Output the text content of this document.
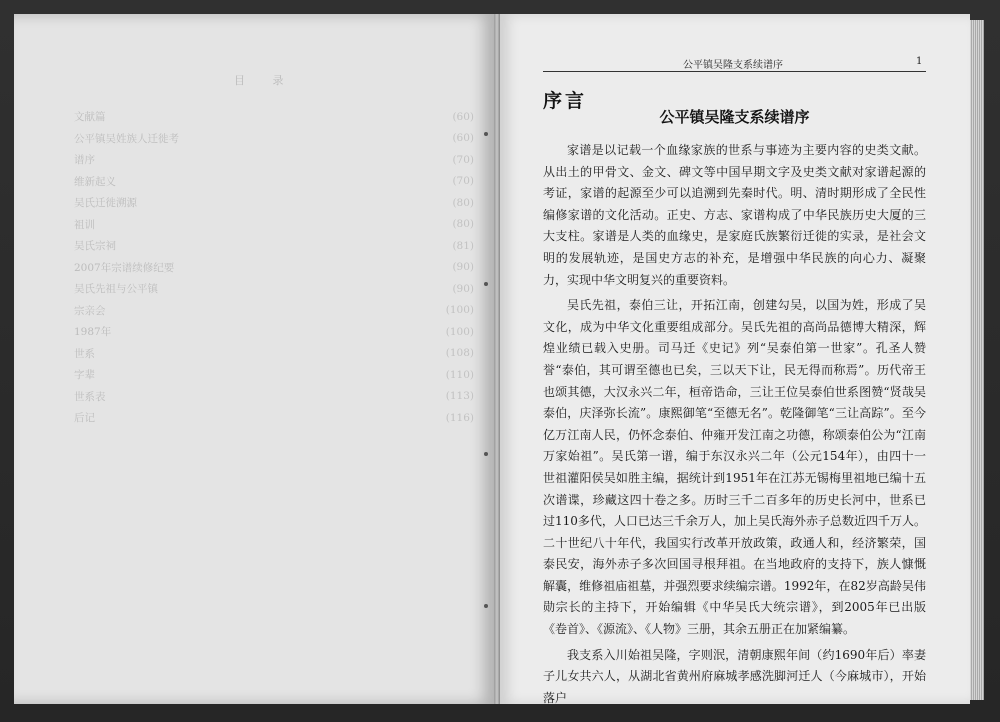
目 录
文献篇	(60)
公平镇吴姓族人迁徙考	(60)
谱序	(70)
维新起义	(70)
吴氏迁徙溯源	(80)
祖训	(80)
吴氏宗祠	(81)
2007年宗谱续修纪要	(90)
吴氏先祖与公平镇	(90)
宗亲会	(100)
1987年	(100)
世系	(108)
字辈	(110)
世系表	(113)
后记	(116)
公平镇吴隆支系续谱序	1
序言
公平镇吴隆支系续谱序

家谱是以记载一个血缘家族的世系与事迹为主要内容的史类文献。从出土的甲骨文、金文、碑文等中国早期文字及史类文献对家谱起源的考证，家谱的起源至少可以追溯到先秦时代。明、清时期形成了全民性编修家谱的文化活动。正史、方志、家谱构成了中华民族历史大厦的三大支柱。家谱是人类的血缘史，是家庭氏族繁衍迁徙的实录，是社会文明的发展轨迹，是国史方志的补充，是增强中华民族的向心力、凝聚力，实现中华文明复兴的重要资料。

吴氏先祖，泰伯三让，开拓江南，创建勾吴，以国为姓，形成了吴文化，成为中华文化重要组成部分。吴氏先祖的高尚品德博大精深，辉煌业绩已载入史册。司马迁《史记》列“吴泰伯第一世家”。孔圣人赞誉“泰伯，其可谓至德也已矣，三以天下让，民无得而称焉”。历代帝王也颂其德，大汉永兴二年，桓帝诰命，三让王位吴泰伯世系图赞“贤哉吴泰伯，庆泽弥长流”。康熙御笔“至德无名”。乾隆御笔“三让高踪”。至今亿万江南人民，仍怀念泰伯、仲雍开发江南之功德，称颂泰伯公为“江南万家始祖”。吴氏第一谱，编于东汉永兴二年（公元154年），由四十一世祖灌阳侯吴如胜主编，据统计到1951年在江苏无锡梅里祖地已编十五次谱谍，珍藏这四十卷之多。历时三千二百多年的历史长河中，世系已过110多代，人口已达三千余万人，加上吴氏海外赤子总数近四千万人。二十世纪八十年代，我国实行改革开放政策，政通人和，经济繁荣，国泰民安，海外赤子多次回国寻根拜祖。在当地政府的支持下，族人慷慨解囊，维修祖庙祖墓，并强烈要求续编宗谱。1992年，在82岁高龄吴伟勋宗长的主持下，开始编辑《中华吴氏大统宗谱》，到2005年已出版《卷首》、《源流》、《人物》三册，其余五册正在加紧编纂。

我支系入川始祖吴隆，字则泯，清朝康熙年间（约1690年后）率妻子儿女共六人，从湖北省黄州府麻城孝感洗脚河迁人（今麻城市），开始落户
